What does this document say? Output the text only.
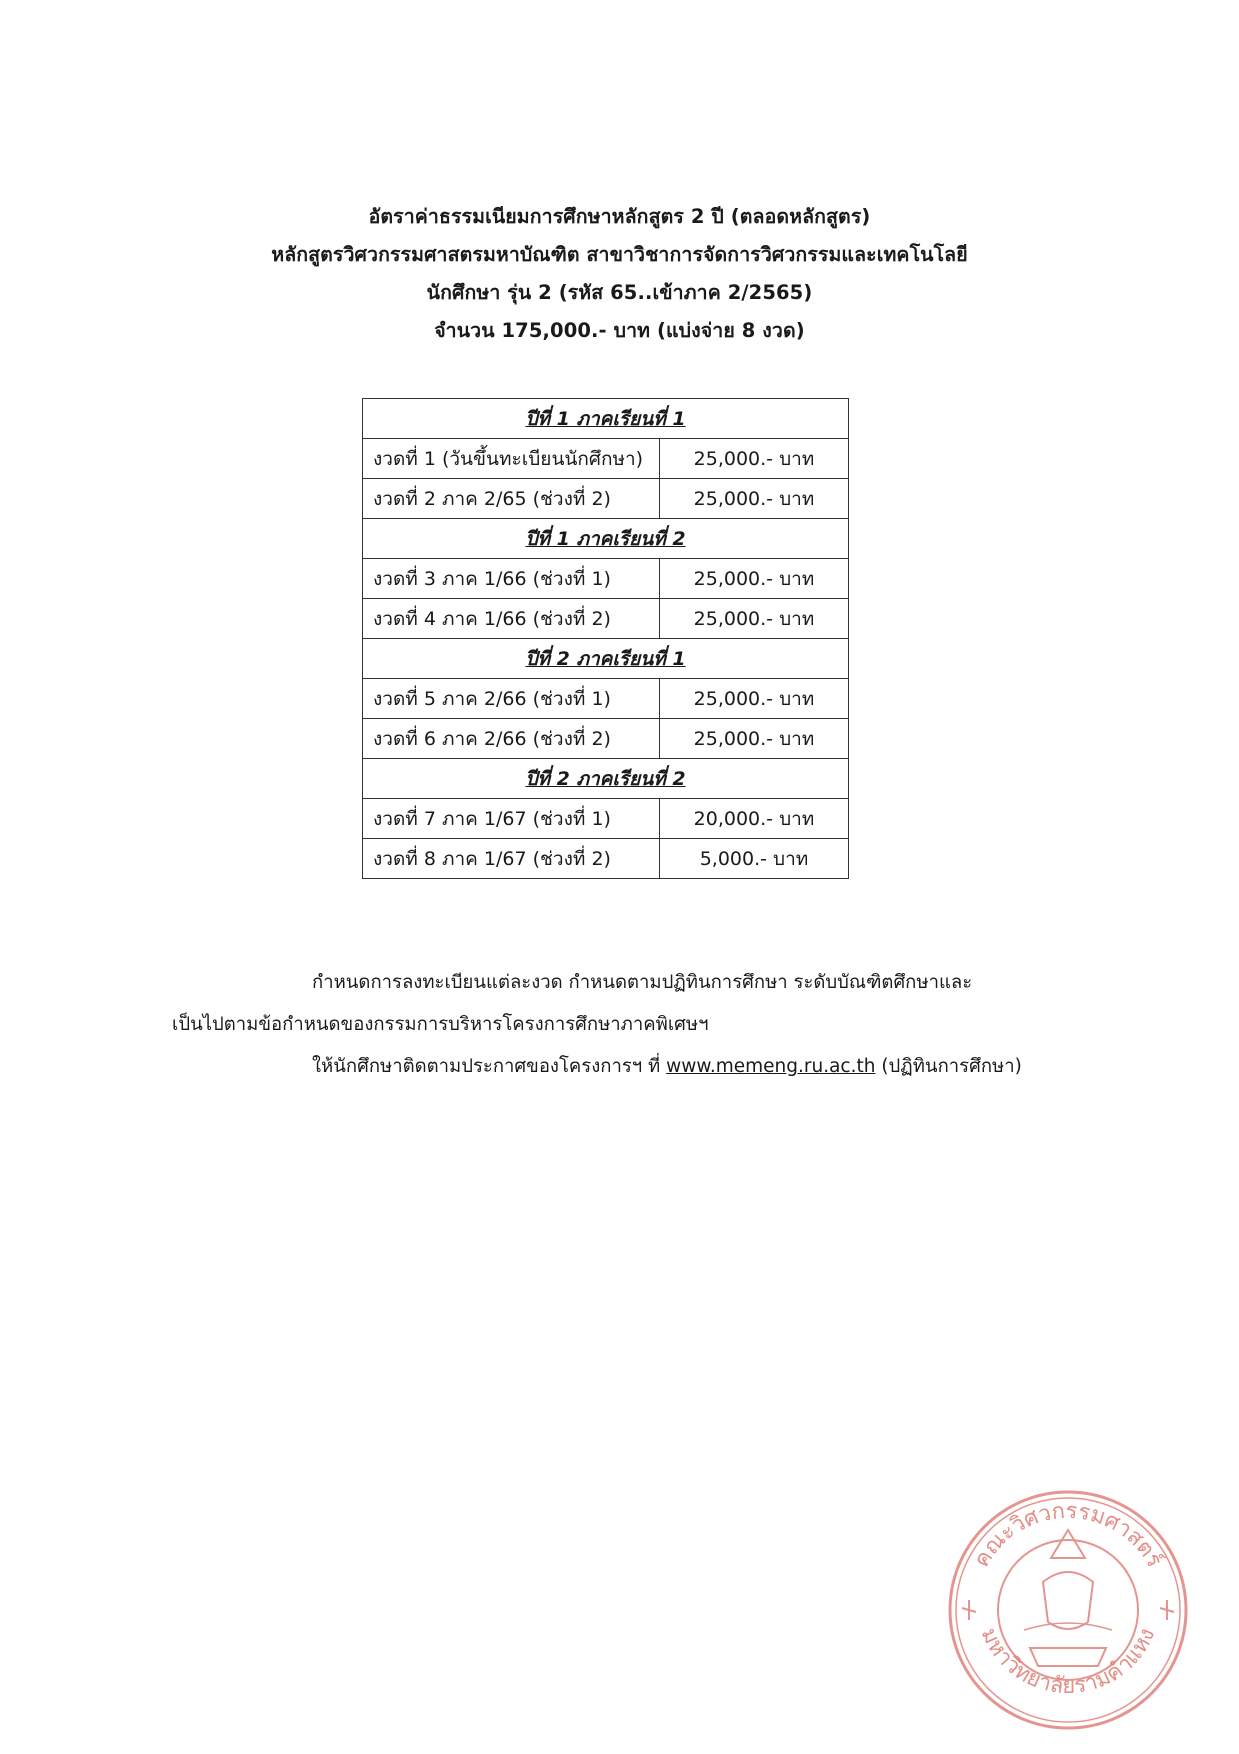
อัตราค่าธรรมเนียมการศึกษาหลักสูตร 2 ปี (ตลอดหลักสูตร)
หลักสูตรวิศวกรรมศาสตรมหาบัณฑิต สาขาวิชาการจัดการวิศวกรรมและเทคโนโลยี
นักศึกษา รุ่น 2 (รหัส 65..เข้าภาค 2/2565)
จำนวน 175,000.- บาท (แบ่งจ่าย 8 งวด)
ปีที่ 1 ภาคเรียนที่ 1	
งวดที่ 1 (วันขึ้นทะเบียนนักศึกษา)	25,000.- บาท
งวดที่ 2 ภาค 2/65 (ช่วงที่ 2)	25,000.- บาท
ปีที่ 1 ภาคเรียนที่ 2	
งวดที่ 3 ภาค 1/66 (ช่วงที่ 1)	25,000.- บาท
งวดที่ 4 ภาค 1/66 (ช่วงที่ 2)	25,000.- บาท
ปีที่ 2 ภาคเรียนที่ 1	
งวดที่ 5 ภาค 2/66 (ช่วงที่ 1)	25,000.- บาท
งวดที่ 6 ภาค 2/66 (ช่วงที่ 2)	25,000.- บาท
ปีที่ 2 ภาคเรียนที่ 2	
งวดที่ 7 ภาค 1/67 (ช่วงที่ 1)	20,000.- บาท
งวดที่ 8 ภาค 1/67 (ช่วงที่ 2)	5,000.- บาท
กำหนดการลงทะเบียนแต่ละงวด กำหนดตามปฏิทินการศึกษา ระดับบัณฑิตศึกษาและ
เป็นไปตามข้อกำหนดของกรรมการบริหารโครงการศึกษาภาคพิเศษฯ
ให้นักศึกษาติดตามประกาศของโครงการฯ ที่ www.memeng.ru.ac.th (ปฏิทินการศึกษา)
คณะวิศวกรรมศาสตร์
มหาวิทยาลัยรามคำแหง
